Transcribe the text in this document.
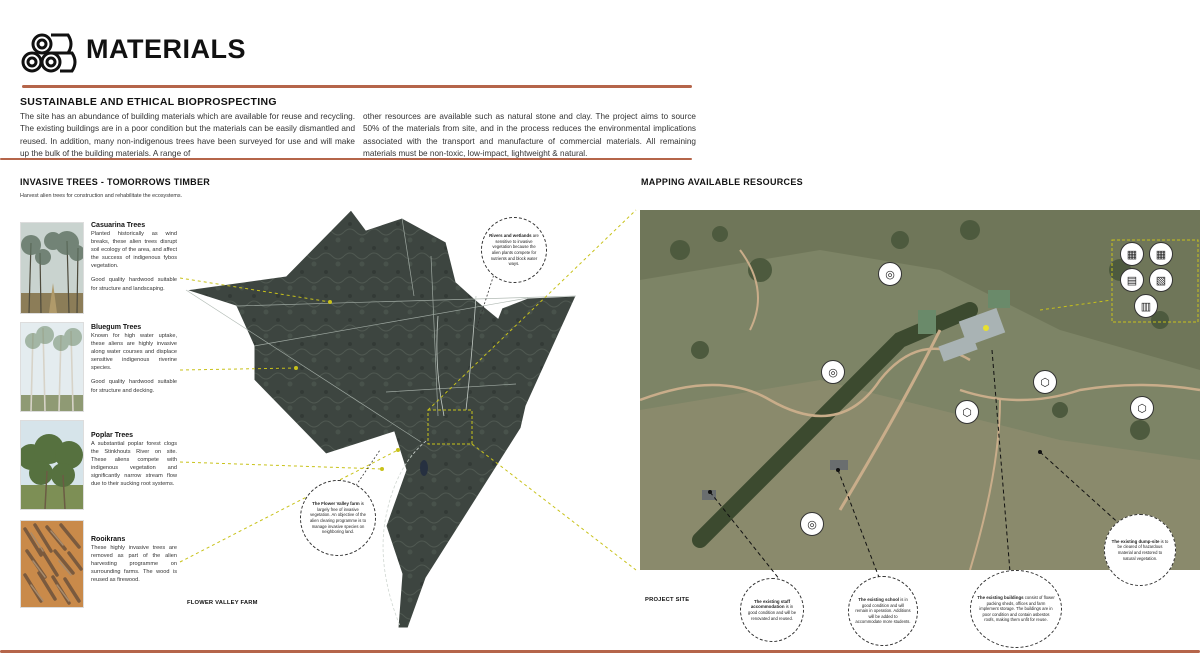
MATERIALS
SUSTAINABLE AND ETHICAL BIOPROSPECTING
The site has an abundance of building materials which are available for reuse and recycling. The existing buildings are in a poor condition but the materials can be easily dismantled and reused. In addition, many non-indigenous trees have been surveyed for use and will make up the bulk of the building materials. A range of
other resources are available such as natural stone and clay. The project aims to source 50% of the materials from site, and in the process reduces the environmental implications associated with the transport and manufacture of commercial materials. All remaining materials must be non-toxic, low-impact, lightweight & natural.
INVASIVE TREES - TOMORROWS TIMBER
Harvest alien trees for construction and rehabilitate the ecosystems.
Casuarina Trees

Planted historically as wind breaks, these alien trees disrupt soil ecology of the area, and affect the success of indigenous fybos vegetation.

Good quality hardwood suitable for structure and landscaping.

Bluegum Trees

Known for high water uptake, these aliens are highly invasive along water courses and displace sensitive indigenous riverine species.

Good quality hardwood suitable for structure and decking.

Poplar Trees

A substantial poplar forest clogs the Stinkhouts River on site. These aliens compete with indigenous vegetation and significantly narrow stream flow due to their sucking root systems.

Rooikrans

These highly invasive trees are removed as part of the alien harvesting programme on surrounding farms. The wood is reused as firewood.

Rivers and wetlands are sensitive to invasive vegetation because the alien plants compete for nutrients and block water ways.
The Flower Valley farm is largely free of invasive vegetation. An objective of the alien clearing programme is to manage invasive species on neighboring land.
FLOWER VALLEY FARM
MAPPING AVAILABLE RESOURCES
◎
◎
◎
⬡
⬡	⬡
▦	▦
▤	▧
▥
PROJECT SITE	The existing staff accommodation is in good condition and will be renovated and reused.
The existing school is in good condition and will remain in operation. Additions will be added to accommodate more students.
The existing buildings consist of flower packing sheds, offices and farm implement storage. The buildings are in poor condition and contain asbestos roofs, making them unfit for reuse.
The existing dump-site is to be cleared of hazardous material and restored to natural vegetation.
